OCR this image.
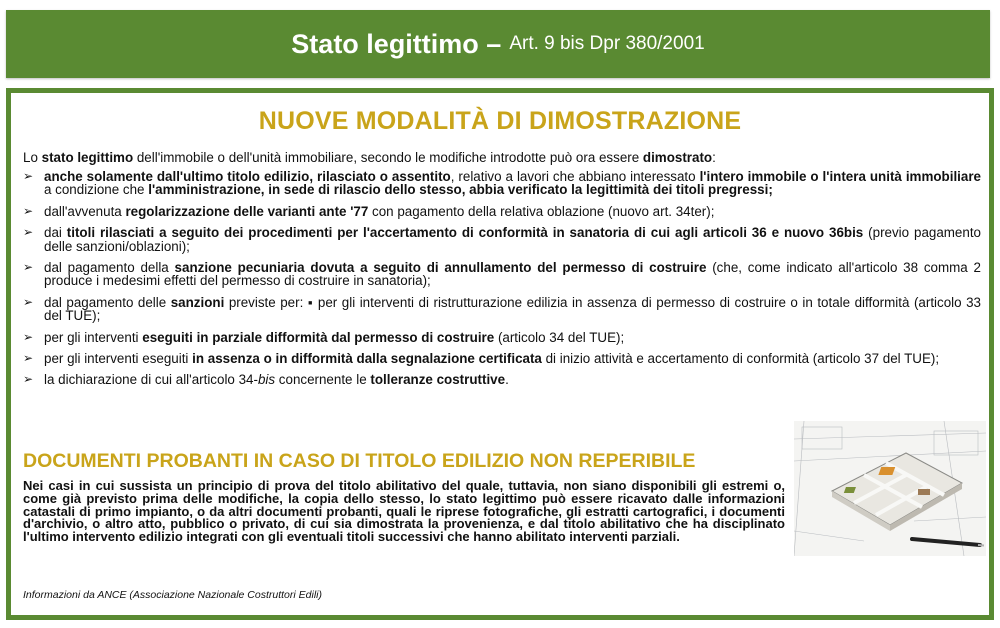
Stato legittimo – Art. 9 bis Dpr 380/2001
NUOVE MODALITÀ DI DIMOSTRAZIONE
Lo stato legittimo dell'immobile o dell'unità immobiliare, secondo le modifiche introdotte può ora essere dimostrato:
➢ anche solamente dall'ultimo titolo edilizio, rilasciato o assentito, relativo a lavori che abbiano interessato l'intero immobile o l'intera unità immobiliare a condizione che l'amministrazione, in sede di rilascio dello stesso, abbia verificato la legittimità dei titoli pregressi;
➢ dall'avvenuta regolarizzazione delle varianti ante '77 con pagamento della relativa oblazione (nuovo art. 34ter);
➢ dai titoli rilasciati a seguito dei procedimenti per l'accertamento di conformità in sanatoria di cui agli articoli 36 e nuovo 36bis (previo pagamento delle sanzioni/oblazioni);
➢ dal pagamento della sanzione pecuniaria dovuta a seguito di annullamento del permesso di costruire (che, come indicato all'articolo 38 comma 2 produce i medesimi effetti del permesso di costruire in sanatoria);
➢ dal pagamento delle sanzioni previste per: ▪ per gli interventi di ristrutturazione edilizia in assenza di permesso di costruire o in totale difformità (articolo 33 del TUE);
➢ per gli interventi eseguiti in parziale difformità dal permesso di costruire (articolo 34 del TUE);
➢ per gli interventi eseguiti in assenza o in difformità dalla segnalazione certificata di inizio attività e accertamento di conformità (articolo 37 del TUE);
➢ la dichiarazione di cui all'articolo 34-bis concernente le tolleranze costruttive.
DOCUMENTI PROBANTI IN CASO DI TITOLO EDILIZIO NON REPERIBILE
Nei casi in cui sussista un principio di prova del titolo abilitativo del quale, tuttavia, non siano disponibili gli estremi o, come già previsto prima delle modifiche, la copia dello stesso, lo stato legittimo può essere ricavato dalle informazioni catastali di primo impianto, o da altri documenti probanti, quali le riprese fotografiche, gli estratti cartografici, i documenti d'archivio, o altro atto, pubblico o privato, di cui sia dimostrata la provenienza, e dal titolo abilitativo che ha disciplinato l'ultimo intervento edilizio integrati con gli eventuali titoli successivi che hanno abilitato interventi parziali.
Informazioni da ANCE (Associazione Nazionale Costruttori Edili)
